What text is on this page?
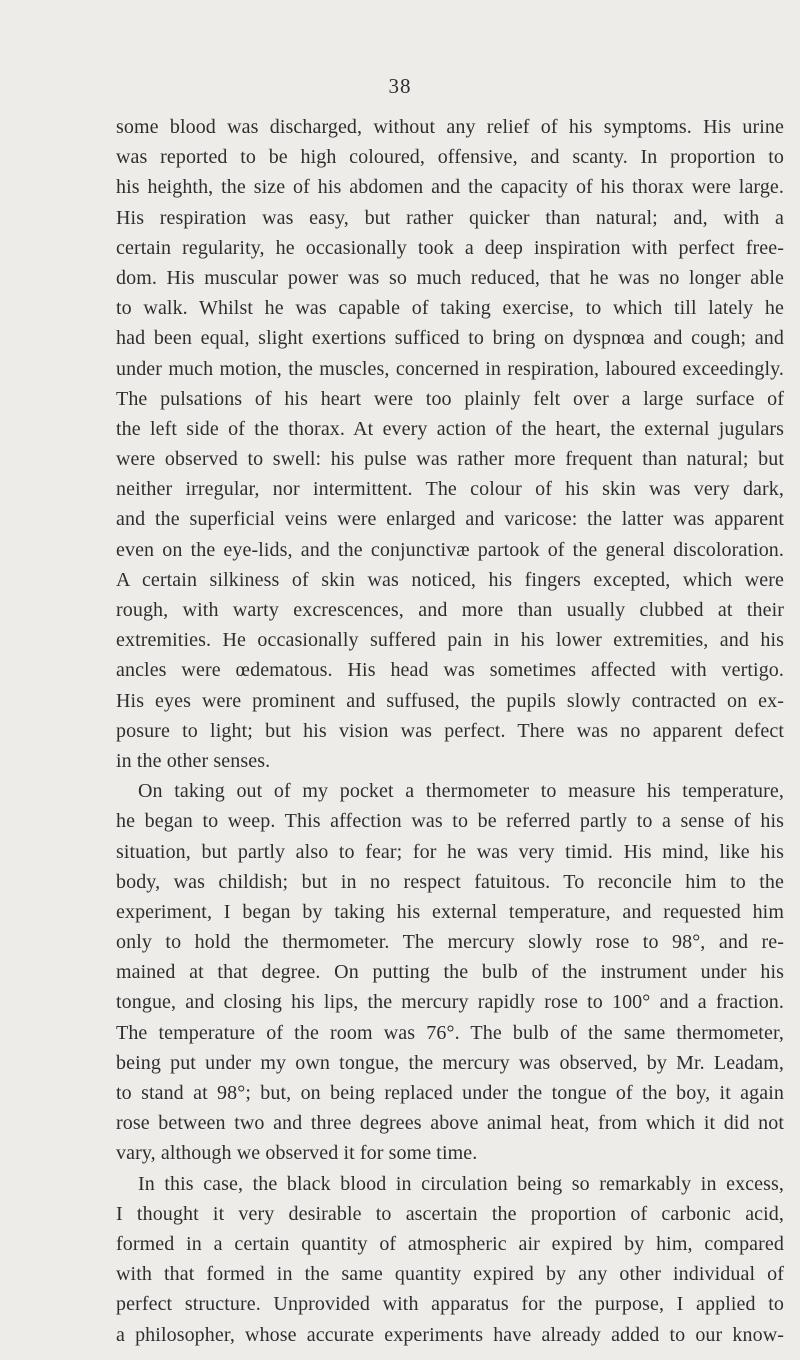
38
some blood was discharged, without any relief of his symptoms. His urine
was reported to be high coloured, offensive, and scanty. In proportion to
his heighth, the size of his abdomen and the capacity of his thorax were large.
His respiration was easy, but rather quicker than natural; and, with a
certain regularity, he occasionally took a deep inspiration with perfect free-
dom. His muscular power was so much reduced, that he was no longer able
to walk. Whilst he was capable of taking exercise, to which till lately he
had been equal, slight exertions sufficed to bring on dyspnœa and cough; and
under much motion, the muscles, concerned in respiration, laboured exceedingly.
The pulsations of his heart were too plainly felt over a large surface of
the left side of the thorax. At every action of the heart, the external jugulars
were observed to swell: his pulse was rather more frequent than natural; but
neither irregular, nor intermittent. The colour of his skin was very dark,
and the superficial veins were enlarged and varicose: the latter was apparent
even on the eye-lids, and the conjunctivæ partook of the general discoloration.
A certain silkiness of skin was noticed, his fingers excepted, which were
rough, with warty excrescences, and more than usually clubbed at their
extremities. He occasionally suffered pain in his lower extremities, and his
ancles were œdematous. His head was sometimes affected with vertigo.
His eyes were prominent and suffused, the pupils slowly contracted on ex-
posure to light; but his vision was perfect. There was no apparent defect
in the other senses.
On taking out of my pocket a thermometer to measure his temperature,
he began to weep. This affection was to be referred partly to a sense of his
situation, but partly also to fear; for he was very timid. His mind, like his
body, was childish; but in no respect fatuitous. To reconcile him to the
experiment, I began by taking his external temperature, and requested him
only to hold the thermometer. The mercury slowly rose to 98°, and re-
mained at that degree. On putting the bulb of the instrument under his
tongue, and closing his lips, the mercury rapidly rose to 100° and a fraction.
The temperature of the room was 76°. The bulb of the same thermometer,
being put under my own tongue, the mercury was observed, by Mr. Leadam,
to stand at 98°; but, on being replaced under the tongue of the boy, it again
rose between two and three degrees above animal heat, from which it did not
vary, although we observed it for some time.
In this case, the black blood in circulation being so remarkably in excess,
I thought it very desirable to ascertain the proportion of carbonic acid,
formed in a certain quantity of atmospheric air expired by him, compared
with that formed in the same quantity expired by any other individual of
perfect structure. Unprovided with apparatus for the purpose, I applied to
a philosopher, whose accurate experiments have already added to our know-
